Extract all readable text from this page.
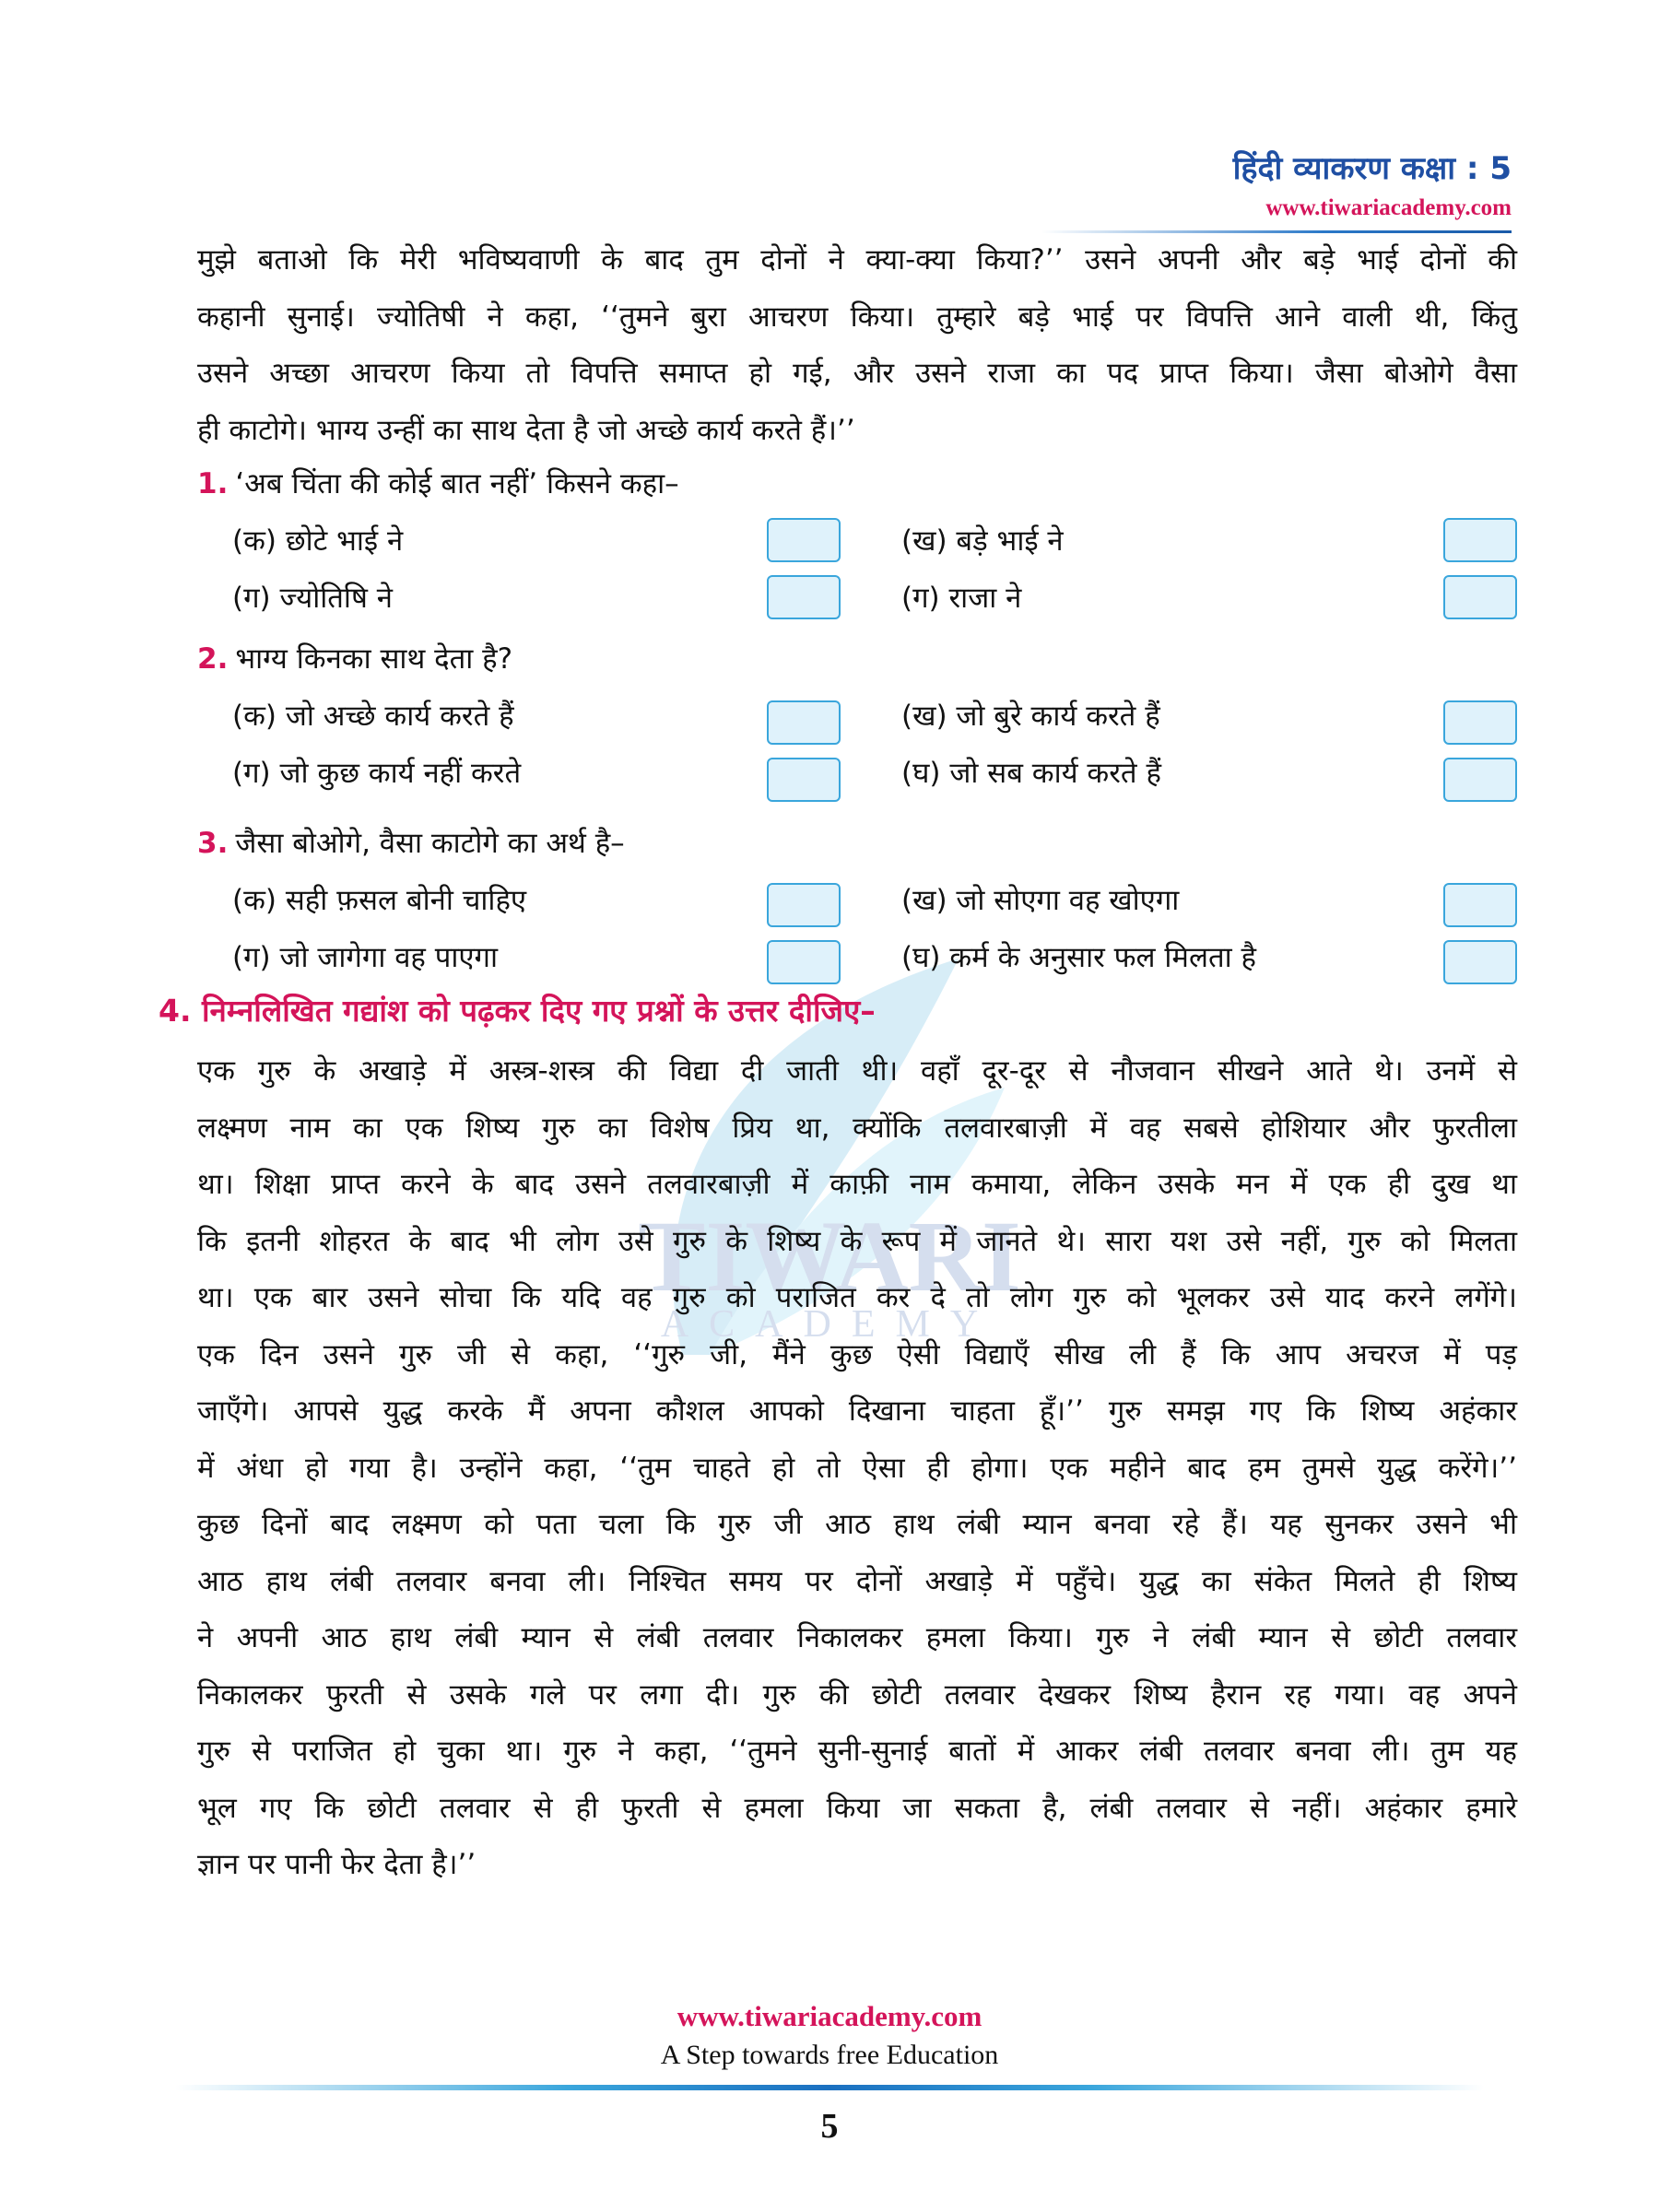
हिंदी व्याकरण कक्षा : 5
www.tiwariacademy.com
TIWARI
ACADEMY
मुझे बताओ कि मेरी भविष्यवाणी के बाद तुम दोनों ने क्या-क्या किया?’’ उसने अपनी और बड़े भाई दोनों की
कहानी सुनाई। ज्योतिषी ने कहा, ‘‘तुमने बुरा आचरण किया। तुम्हारे बड़े भाई पर विपत्ति आने वाली थी, किंतु
उसने अच्छा आचरण किया तो विपत्ति समाप्त हो गई, और उसने राजा का पद प्राप्त किया। जैसा बोओगे वैसा
ही काटोगे। भाग्य उन्हीं का साथ देता है जो अच्छे कार्य करते हैं।’’
1. ‘अब चिंता की कोई बात नहीं’ किसने कहा–
(क) छोटे भाई ने	(ख) बड़े भाई ने
(ग) ज्योतिषि ने	(ग) राजा ने
2. भाग्य किनका साथ देता है?
(क) जो अच्छे कार्य करते हैं	(ख) जो बुरे कार्य करते हैं
(ग) जो कुछ कार्य नहीं करते	(घ) जो सब कार्य करते हैं
3. जैसा बोओगे, वैसा काटोगे का अर्थ है–
(क) सही फ़सल बोनी चाहिए	(ख) जो सोएगा वह खोएगा
(ग) जो जागेगा वह पाएगा	(घ) कर्म के अनुसार फल मिलता है
4. निम्नलिखित गद्यांश को पढ़कर दिए गए प्रश्नों के उत्तर दीजिए–
एक गुरु के अखाड़े में अस्त्र-शस्त्र की विद्या दी जाती थी। वहाँ दूर-दूर से नौजवान सीखने आते थे। उनमें से
लक्ष्मण नाम का एक शिष्य गुरु का विशेष प्रिय था, क्योंकि तलवारबाज़ी में वह सबसे होशियार और फुरतीला
था। शिक्षा प्राप्त करने के बाद उसने तलवारबाज़ी में काफ़ी नाम कमाया, लेकिन उसके मन में एक ही दुख था
कि इतनी शोहरत के बाद भी लोग उसे गुरु के शिष्य के रूप में जानते थे। सारा यश उसे नहीं, गुरु को मिलता
था। एक बार उसने सोचा कि यदि वह गुरु को पराजित कर दे तो लोग गुरु को भूलकर उसे याद करने लगेंगे।
एक दिन उसने गुरु जी से कहा, ‘‘गुरु जी, मैंने कुछ ऐसी विद्याएँ सीख ली हैं कि आप अचरज में पड़
जाएँगे। आपसे युद्ध करके मैं अपना कौशल आपको दिखाना चाहता हूँ।’’ गुरु समझ गए कि शिष्य अहंकार
में अंधा हो गया है। उन्होंने कहा, ‘‘तुम चाहते हो तो ऐसा ही होगा। एक महीने बाद हम तुमसे युद्ध करेंगे।’’
कुछ दिनों बाद लक्ष्मण को पता चला कि गुरु जी आठ हाथ लंबी म्यान बनवा रहे हैं। यह सुनकर उसने भी
आठ हाथ लंबी तलवार बनवा ली। निश्चित समय पर दोनों अखाड़े में पहुँचे। युद्ध का संकेत मिलते ही शिष्य
ने अपनी आठ हाथ लंबी म्यान से लंबी तलवार निकालकर हमला किया। गुरु ने लंबी म्यान से छोटी तलवार
निकालकर फुरती से उसके गले पर लगा दी। गुरु की छोटी तलवार देखकर शिष्य हैरान रह गया। वह अपने
गुरु से पराजित हो चुका था। गुरु ने कहा, ‘‘तुमने सुनी-सुनाई बातों में आकर लंबी तलवार बनवा ली। तुम यह
भूल गए कि छोटी तलवार से ही फुरती से हमला किया जा सकता है, लंबी तलवार से नहीं। अहंकार हमारे
ज्ञान पर पानी फेर देता है।’’
www.tiwariacademy.com
A Step towards free Education
5
